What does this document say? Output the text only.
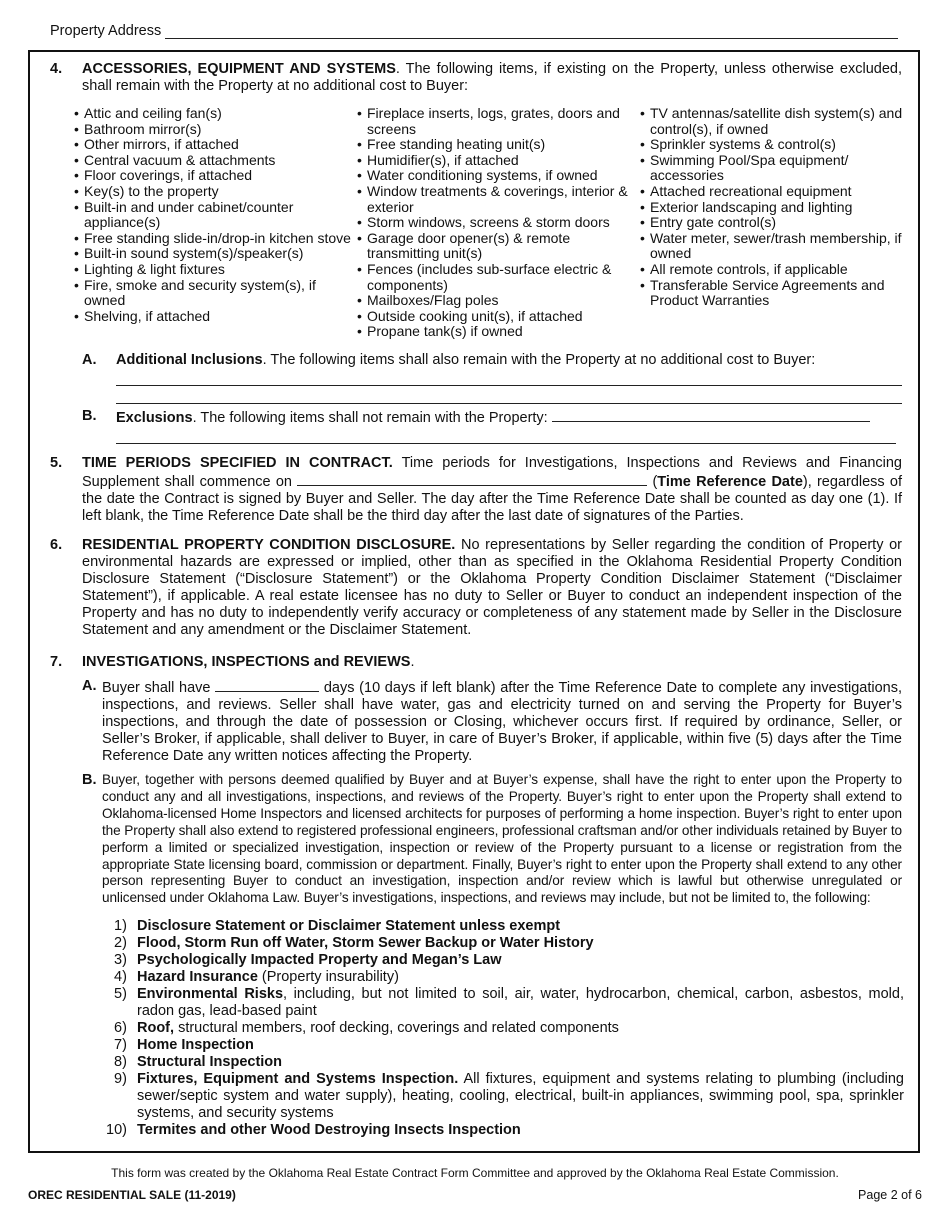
Property Address
4. ACCESSORIES, EQUIPMENT AND SYSTEMS. The following items, if existing on the Property, unless otherwise excluded, shall remain with the Property at no additional cost to Buyer:
• Attic and ceiling fan(s)
• Bathroom mirror(s)
• Other mirrors, if attached
• Central vacuum & attachments
• Floor coverings, if attached
• Key(s) to the property
• Built-in and under cabinet/counter appliance(s)
• Free standing slide-in/drop-in kitchen stove
• Built-in sound system(s)/speaker(s)
• Lighting & light fixtures
• Fire, smoke and security system(s), if owned
• Shelving, if attached
• Fireplace inserts, logs, grates, doors and screens
• Free standing heating unit(s)
• Humidifier(s), if attached
• Water conditioning systems, if owned
• Window treatments & coverings, interior & exterior
• Storm windows, screens & storm doors
• Garage door opener(s) & remote transmitting unit(s)
• Fences (includes sub-surface electric & components)
• Mailboxes/Flag poles
• Outside cooking unit(s), if attached
• Propane tank(s) if owned
• TV antennas/satellite dish system(s) and control(s), if owned
• Sprinkler systems & control(s)
• Swimming Pool/Spa equipment/ accessories
• Attached recreational equipment
• Exterior landscaping and lighting
• Entry gate control(s)
• Water meter, sewer/trash membership, if owned
• All remote controls, if applicable
• Transferable Service Agreements and Product Warranties
A. Additional Inclusions. The following items shall also remain with the Property at no additional cost to Buyer:
B. Exclusions. The following items shall not remain with the Property:
5. TIME PERIODS SPECIFIED IN CONTRACT. Time periods for Investigations, Inspections and Reviews and Financing Supplement shall commence on	(Time Reference Date), regardless of the date the Contract is signed by Buyer and Seller. The day after the Time Reference Date shall be counted as day one (1). If left blank, the Time Reference Date shall be the third day after the last date of signatures of the Parties.
6. RESIDENTIAL PROPERTY CONDITION DISCLOSURE. No representations by Seller regarding the condition of Property or environmental hazards are expressed or implied, other than as specified in the Oklahoma Residential Property Condition Disclosure Statement (“Disclosure Statement”) or the Oklahoma Property Condition Disclaimer Statement (“Disclaimer Statement”), if applicable. A real estate licensee has no duty to Seller or Buyer to conduct an independent inspection of the Property and has no duty to independently verify accuracy or completeness of any statement made by Seller in the Disclosure Statement and any amendment or the Disclaimer Statement.
7. INVESTIGATIONS, INSPECTIONS and REVIEWS.
A. Buyer shall have	days (10 days if left blank) after the Time Reference Date to complete any investigations, inspections, and reviews. Seller shall have water, gas and electricity turned on and serving the Property for Buyer’s inspections, and through the date of possession or Closing, whichever occurs first. If required by ordinance, Seller, or Seller’s Broker, if applicable, shall deliver to Buyer, in care of Buyer’s Broker, if applicable, within five (5) days after the Time Reference Date any written notices affecting the Property.
B. Buyer, together with persons deemed qualified by Buyer and at Buyer’s expense, shall have the right to enter upon the Property to conduct any and all investigations, inspections, and reviews of the Property. Buyer’s right to enter upon the Property shall extend to Oklahoma-licensed Home Inspectors and licensed architects for purposes of performing a home inspection. Buyer’s right to enter upon the Property shall also extend to registered professional engineers, professional craftsman and/or other individuals retained by Buyer to perform a limited or specialized investigation, inspection or review of the Property pursuant to a license or registration from the appropriate State licensing board, commission or department. Finally, Buyer’s right to enter upon the Property shall extend to any other person representing Buyer to conduct an investigation, inspection and/or review which is lawful but otherwise unregulated or unlicensed under Oklahoma Law. Buyer’s investigations, inspections, and reviews may include, but not be limited to, the following:
1) Disclosure Statement or Disclaimer Statement unless exempt
2) Flood, Storm Run off Water, Storm Sewer Backup or Water History
3) Psychologically Impacted Property and Megan’s Law
4) Hazard Insurance (Property insurability)
5) Environmental Risks, including, but not limited to soil, air, water, hydrocarbon, chemical, carbon, asbestos, mold, radon gas, lead-based paint
6) Roof, structural members, roof decking, coverings and related components
7) Home Inspection
8) Structural Inspection
9) Fixtures, Equipment and Systems Inspection. All fixtures, equipment and systems relating to plumbing (including sewer/septic system and water supply), heating, cooling, electrical, built-in appliances, swimming pool, spa, sprinkler systems, and security systems
10) Termites and other Wood Destroying Insects Inspection
This form was created by the Oklahoma Real Estate Contract Form Committee and approved by the Oklahoma Real Estate Commission.
OREC RESIDENTIAL SALE (11-2019)	Page 2 of 6
